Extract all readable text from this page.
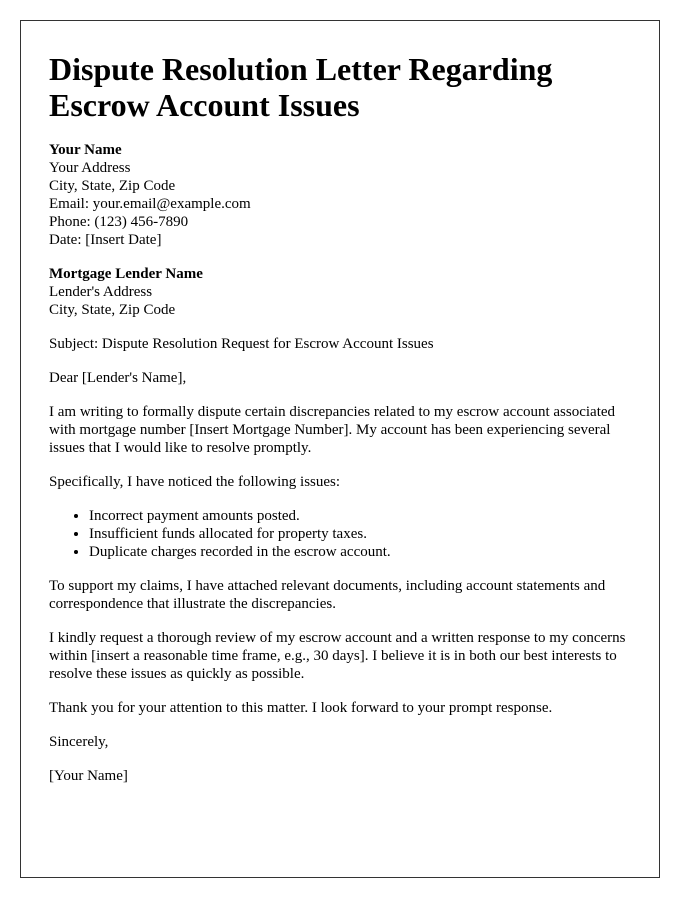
Dispute Resolution Letter Regarding Escrow Account Issues
Your Name
Your Address
City, State, Zip Code
Email: your.email@example.com
Phone: (123) 456-7890
Date: [Insert Date]
Mortgage Lender Name
Lender's Address
City, State, Zip Code

Subject: Dispute Resolution Request for Escrow Account Issues

Dear [Lender's Name],

I am writing to formally dispute certain discrepancies related to my escrow account associated with mortgage number [Insert Mortgage Number]. My account has been experiencing several issues that I would like to resolve promptly.

Specifically, I have noticed the following issues:

• Incorrect payment amounts posted.
• Insufficient funds allocated for property taxes.
• Duplicate charges recorded in the escrow account.

To support my claims, I have attached relevant documents, including account statements and correspondence that illustrate the discrepancies.

I kindly request a thorough review of my escrow account and a written response to my concerns within [insert a reasonable time frame, e.g., 30 days]. I believe it is in both our best interests to resolve these issues as quickly as possible.

Thank you for your attention to this matter. I look forward to your prompt response.

Sincerely,

[Your Name]
